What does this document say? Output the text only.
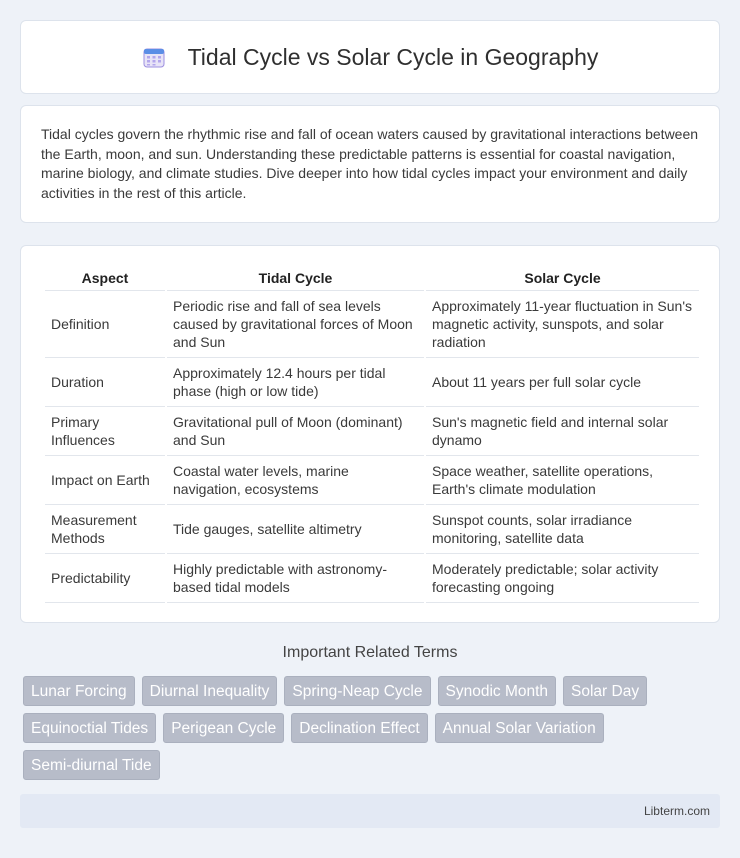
Tidal Cycle vs Solar Cycle in Geography

Tidal cycles govern the rhythmic rise and fall of ocean waters caused by gravitational interactions between the Earth, moon, and sun. Understanding these predictable patterns is essential for coastal navigation, marine biology, and climate studies. Dive deeper into how tidal cycles impact your environment and daily activities in the rest of this article.

Aspect	Tidal Cycle	Solar Cycle
Definition	Periodic rise and fall of sea levels caused by gravitational forces of Moon and Sun	Approximately 11-year fluctuation in Sun's magnetic activity, sunspots, and solar radiation
Duration	Approximately 12.4 hours per tidal phase (high or low tide)	About 11 years per full solar cycle
Primary Influences	Gravitational pull of Moon (dominant) and Sun	Sun's magnetic field and internal solar dynamo
Impact on Earth	Coastal water levels, marine navigation, ecosystems	Space weather, satellite operations, Earth's climate modulation
Measurement Methods	Tide gauges, satellite altimetry	Sunspot counts, solar irradiance monitoring, satellite data
Predictability	Highly predictable with astronomy-based tidal models	Moderately predictable; solar activity forecasting ongoing
Important Related Terms
Lunar Forcing	Diurnal Inequality	Spring-Neap Cycle	Synodic Month	Solar Day
Equinoctial Tides	Perigean Cycle	Declination Effect	Annual Solar Variation
Semi-diurnal Tide
Libterm.com
